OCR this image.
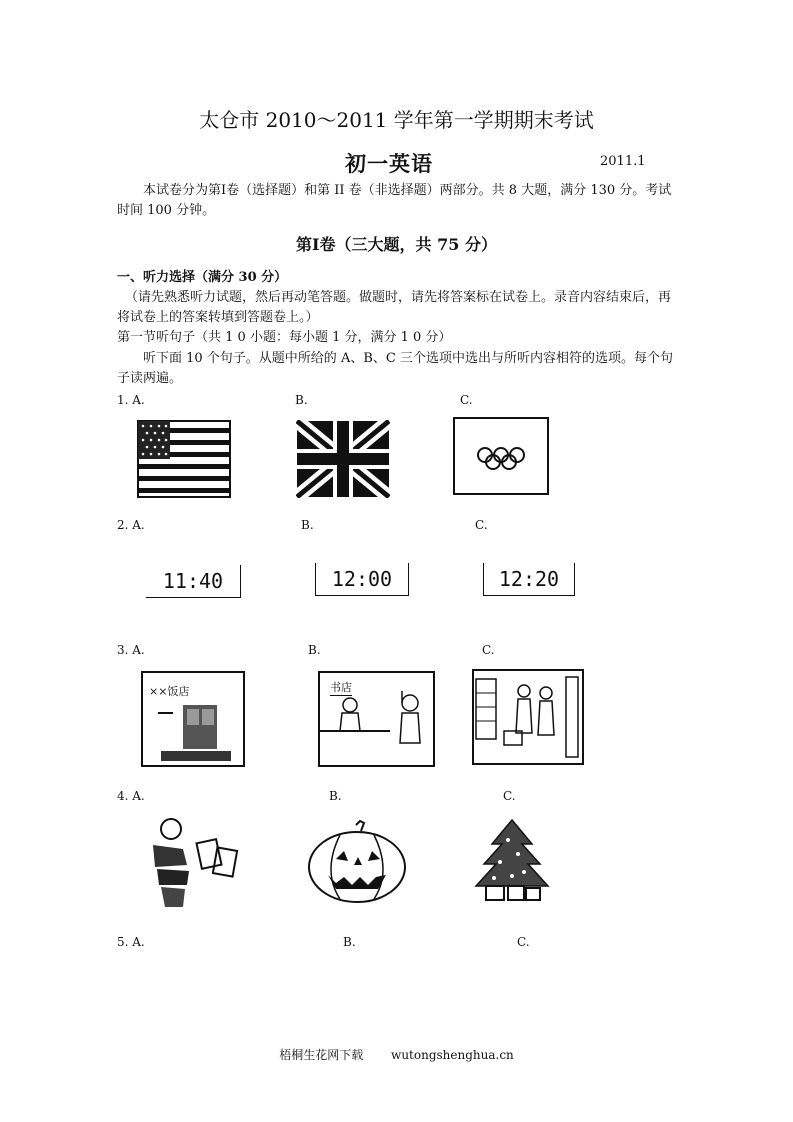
太仓市 2010～2011 学年第一学期期末考试
初一英语	2011.1
本试卷分为第Ⅰ卷（选择题）和第 II 卷（非选择题）两部分。共 8 大题，满分 130 分。考试时间 100 分钟。
第Ⅰ卷（三大题，共 75 分）
一、听力选择（满分 30 分）
（请先熟悉听力试题，然后再动笔答题。做题时，请先将答案标在试卷上。录音内容结束后，再将试卷上的答案转填到答题卷上。）
第一节听句子（共 1 0 小题：每小题 1 分，满分 1 0 分）
听下面 10 个句子。从题中所给的 A、B、C 三个选项中选出与所听内容相符的选项。每个句子读两遍。
1. A.	B.	C.
2. A.	B.	C.
11:40	12:00	12:20
3. A.	B.	C.
××饭店	书店
4. A.	B.	C.
5. A.	B.	C.
梧桐生花网下载 wutongshenghua.cn
